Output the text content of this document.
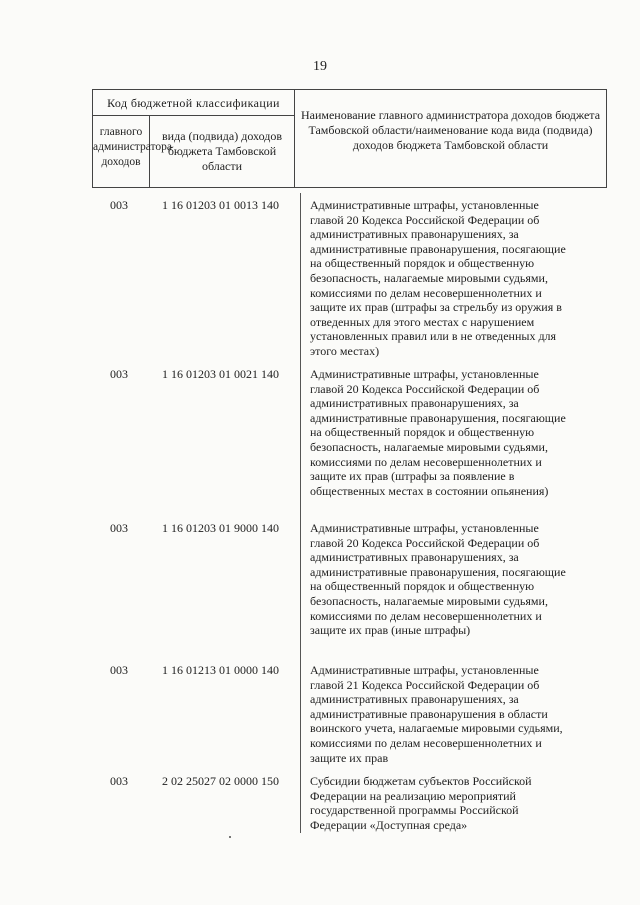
19
Код бюджетной классификации
главного администратора доходов
вида (подвида) доходов бюджета Тамбовской области
Наименование главного администратора доходов бюджета Тамбовской области/наименование кода вида (подвида) доходов бюджета Тамбовской области
003	1 16 01203 01 0013 140	Административные штрафы, установленные главой 20 Кодекса Российской Федерации об административных правонарушениях, за административные правонарушения, посягающие на общественный порядок и общественную безопасность, налагаемые мировыми судьями, комиссиями по делам несовершеннолетних и защите их прав (штрафы за стрельбу из оружия в отведенных для этого местах с нарушением установленных правил или в не отведенных для этого местах)
003	1 16 01203 01 0021 140	Административные штрафы, установленные главой 20 Кодекса Российской Федерации об административных правонарушениях, за административные правонарушения, посягающие на общественный порядок и общественную безопасность, налагаемые мировыми судьями, комиссиями по делам несовершеннолетних и защите их прав (штрафы за появление в общественных местах в состоянии опьянения)
003	1 16 01203 01 9000 140	Административные штрафы, установленные главой 20 Кодекса Российской Федерации об административных правонарушениях, за административные правонарушения, посягающие на общественный порядок и общественную безопасность, налагаемые мировыми судьями, комиссиями по делам несовершеннолетних и защите их прав (иные штрафы)
003	1 16 01213 01 0000 140	Административные штрафы, установленные главой 21 Кодекса Российской Федерации об административных правонарушениях, за административные правонарушения в области воинского учета, налагаемые мировыми судьями, комиссиями по делам несовершеннолетних и защите их прав
003	2 02 25027 02 0000 150	Субсидии бюджетам субъектов Российской Федерации на реализацию мероприятий государственной программы Российской Федерации «Доступная среда»
